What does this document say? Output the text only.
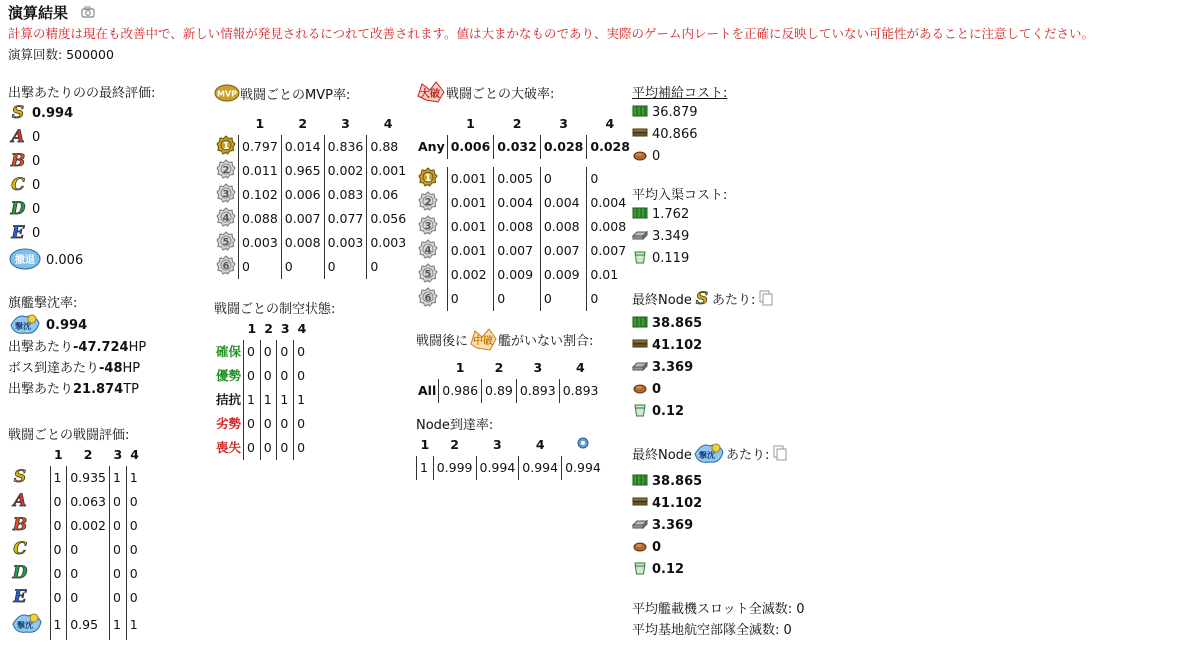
演算結果
計算の精度は現在も改善中で、新しい情報が発見されるにつれて改善されます。値は大まかなものであり、実際のゲーム内レートを正確に反映していない可能性があることに注意してください。
演算回数: 500000
出撃あたりのの最終評価:
S 0.994
A 0
B 0
C 0
D 0
E 0
撤退 0.006
旗艦撃沈率:
撃沈 0.994
出撃あたり-47.724HP
ボス到達あたり-48HP
出撃あたり21.874TP
戦闘ごとの戦闘評価:
	1	2	3	4

S	1	0.935	1	1

A	0	0.063	0	0

B	0	0.002	0	0

C	0	0	0	0

D	0	0	0	0

E	0	0	0	0

撃沈	1	0.95	1	1
MVP 戦闘ごとのMVP率:
	1	2	3	4

1	0.797	0.014	0.836	0.88

2	0.011	0.965	0.002	0.001

3	0.102	0.006	0.083	0.06

4	0.088	0.007	0.077	0.056

5	0.003	0.008	0.003	0.003

6	0	0	0	0
戦闘ごとの制空状態:
	1	2	3	4
確保	0	0	0	0
優勢	0	0	0	0
拮抗	1	1	1	1
劣勢	0	0	0	0
喪失	0	0	0	0
大破 戦闘ごとの大破率:
	1	2	3	4
Any	0.006	0.032	0.028	0.028

1	0.001	0.005	0	0

2	0.001	0.004	0.004	0.004

3	0.001	0.008	0.008	0.008

4	0.001	0.007	0.007	0.007

5	0.002	0.009	0.009	0.01

6	0	0	0	0
戦闘後に 中破 艦がいない割合:
	1	2	3	4
All	0.986	0.89	0.893	0.893
Node到達率:
1	2	3	4	
1	0.999	0.994	0.994	0.994
平均補給コスト:
36.879
40.866
0
平均入渠コスト:
1.762
3.349
0.119
最終Node S あたり:
38.865
41.102
3.369
0
0.12
最終Node 撃沈 あたり:
38.865
41.102
3.369
0
0.12
平均艦載機スロット全滅数: 0
平均基地航空部隊全滅数: 0
